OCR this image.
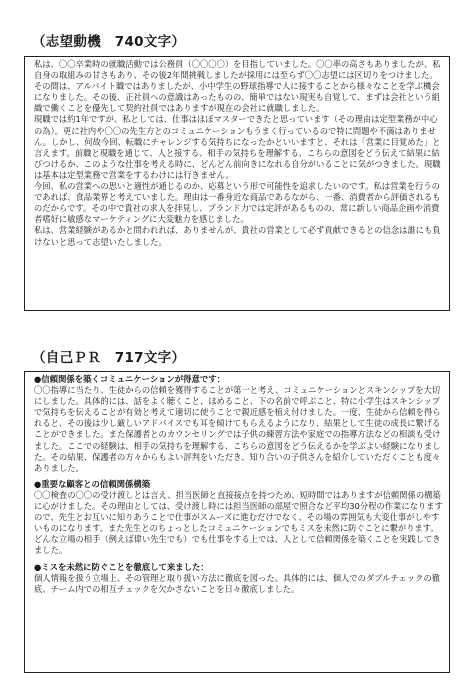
（志望動機　740文字）

私は、〇〇卒業時の就職活動では公務員（〇〇〇〇）を目指していました。〇〇率の高さもありましたが、私自身の取組みの甘さもあり、その後2年間挑戦しましたが採用には至らず〇〇志望には区切りをつけました。その間は、アルバイト職ではありましたが、小中学生の野球指導で人に接することから様々なことを学ぶ機会になりました。その後、正社員への意識はあったものの、簡単ではない現実も自覚して、まずは会社という組織で働くことを優先して契約社員ではありますが現在の会社に就職しました。

現職では約1年ですが、私としては、仕事はほぼマスターできたと思っています（その理由は定型業務が中心の為）。更に社内や〇〇の先生方とのコミュニケーションもうまく行っているので特に問題や不満はありません。しかし、何故今回、転職にチャレンジする気持ちになったかといいますと、それは「営業に目覚めた」と言えます。前職と現職を通じて、人と接する、相手の気持ちを理解する、こちらの意図をどう伝えて結果に結びつけるか、このような仕事を考える時に、どんどん前向きになれる自分がいることに気がつきました。現職は基本は定型業務で営業をするわけには行きません。

今回、私の営業への思いと適性が通じるのか、応募という形で可能性を追求したいのです。私は営業を行うのであれば、食品業界と考えていました。理由は一番身近な商品であるながら、一番、消費者から評価されるものだからです。その中で貴社の求人を拝見し、ブランド力では定評があるものの、常に新しい商品企画や消費者嗜好に敏感なマーケティングに大変魅力を感じました。

私は、営業経験があるかと問われれば、ありませんが、貴社の営業として必ず貢献できるとの信念は誰にも負けないと思って志望いたしました。

（自己ＰＲ　717文字）

●信頼関係を築くコミュニケーションが得意です：

〇〇指導に当たり、生徒からの信頼を獲得することが第一と考え、コミュニケーションとスキンシップを大切にしました。具体的には、話をよく聴くこと、ほめること、下の名前で呼ぶこと、特に小学生はスキンシップで気持ちを伝えることが有効と考えて適切に使うことで親近感を植え付けました。一度、生徒から信頼を得られると、その後は少し厳しいアドバイスでも耳を傾けてもらえるようになり、結果として生徒の成長に繋げることができました。また保護者とのカウンセリングでは子供の練習方法や家庭での指導方法などの相談も受けました。ここでの経験は、相手の気持ちを理解する、こちらの意図をどう伝えるかを学ぶよい経験になりました。その結果、保護者の方々からもよい評判をいただき、知り合いの子供さんを紹介していただくことも度々ありました。

●重要な顧客との信頼関係構築

〇〇検査の〇〇の受け渡しとは言え、担当医師と直接接点を持つため、短時間ではありますが信頼関係の構築に心がけました。その理由としては、受け渡し時には担当医師の部屋で照合など平均30分程の作業になりますので、先生とお互いに知りあうことで仕事がスムーズに進むだけでなく、その場の雰囲気も大変仕事がしやすいものになります。また先生とのちょっとしたコミュニケーションでもミスを未然に防ぐことに繋がります。どんな立場の相手（例えば偉い先生でも）でも仕事をする上では、人として信頼関係を築くことを実践してきました。

●ミスを未然に防ぐことを徹底して来ました：

個人情報を扱う立場上、その管理と取り扱い方法に徹底を図った。具体的には、個人でのダブルチェックの徹底、チーム内での相互チェックを欠かさないことを日々徹底しました。
